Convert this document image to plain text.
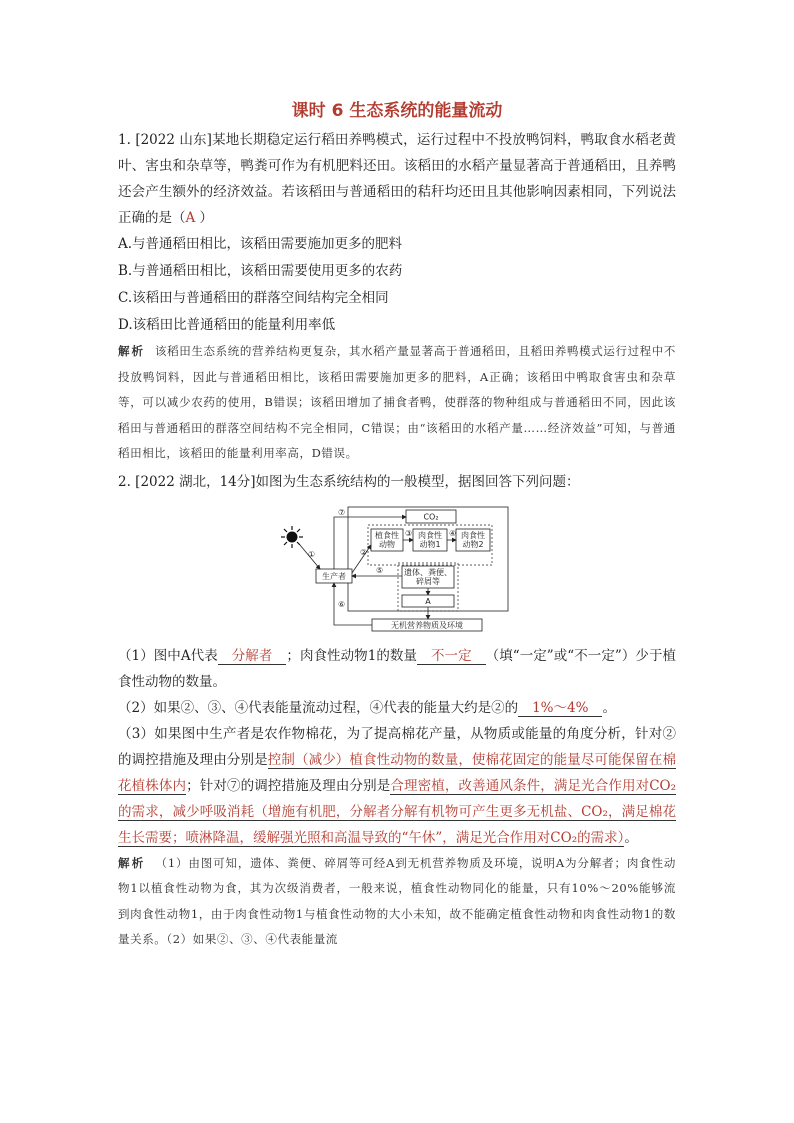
课时 6 生态系统的能量流动

1. [2022 山东]某地长期稳定运行稻田养鸭模式，运行过程中不投放鸭饲料，鸭取食水稻老黄叶、害虫和杂草等，鸭粪可作为有机肥料还田。该稻田的水稻产量显著高于普通稻田，且养鸭还会产生额外的经济效益。若该稻田与普通稻田的秸秆均还田且其他影响因素相同，下列说法正确的是（A ）

A.与普通稻田相比，该稻田需要施加更多的肥料

B.与普通稻田相比，该稻田需要使用更多的农药

C.该稻田与普通稻田的群落空间结构完全相同

D.该稻田比普通稻田的能量利用率低

解析 该稻田生态系统的营养结构更复杂，其水稻产量显著高于普通稻田，且稻田养鸭模式运行过程中不投放鸭饲料，因此与普通稻田相比，该稻田需要施加更多的肥料，A正确；该稻田中鸭取食害虫和杂草等，可以减少农药的使用，B错误；该稻田增加了捕食者鸭，使群落的物种组成与普通稻田不同，因此该稻田与普通稻田的群落空间结构不完全相同，C错误；由“该稻田的水稻产量……经济效益”可知，与普通稻田相比，该稻田的能量利用率高，D错误。

2. [2022 湖北，14分]如图为生态系统结构的一般模型，据图回答下列问题：

CO₂
植食性
动物
肉食性
动物1
肉食性
动物2
生产者	遗体、粪便、
碎屑等
A
无机营养物质及环境
①	②
③	④
⑤
⑥
⑦

（1）图中A代表 分解者 ；肉食性动物1的数量 不一定 （填“一定”或“不一定”）少于植食性动物的数量。

（2）如果②、③、④代表能量流动过程，④代表的能量大约是②的 1%～4% 。

（3）如果图中生产者是农作物棉花，为了提高棉花产量，从物质或能量的角度分析，针对②的调控措施及理由分别是控制（减少）植食性动物的数量，使棉花固定的能量尽可能保留在棉花植株体内；针对⑦的调控措施及理由分别是合理密植，改善通风条件，满足光合作用对CO₂的需求，减少呼吸消耗（增施有机肥，分解者分解有机物可产生更多无机盐、CO₂，满足棉花生长需要；喷淋降温，缓解强光照和高温导致的“午休”，满足光合作用对CO₂的需求）。

解析 （1）由图可知，遗体、粪便、碎屑等可经A到无机营养物质及环境，说明A为分解者；肉食性动物1以植食性动物为食，其为次级消费者，一般来说，植食性动物同化的能量，只有10%～20%能够流到肉食性动物1，由于肉食性动物1与植食性动物的大小未知，故不能确定植食性动物和肉食性动物1的数量关系。（2）如果②、③、④代表能量流
